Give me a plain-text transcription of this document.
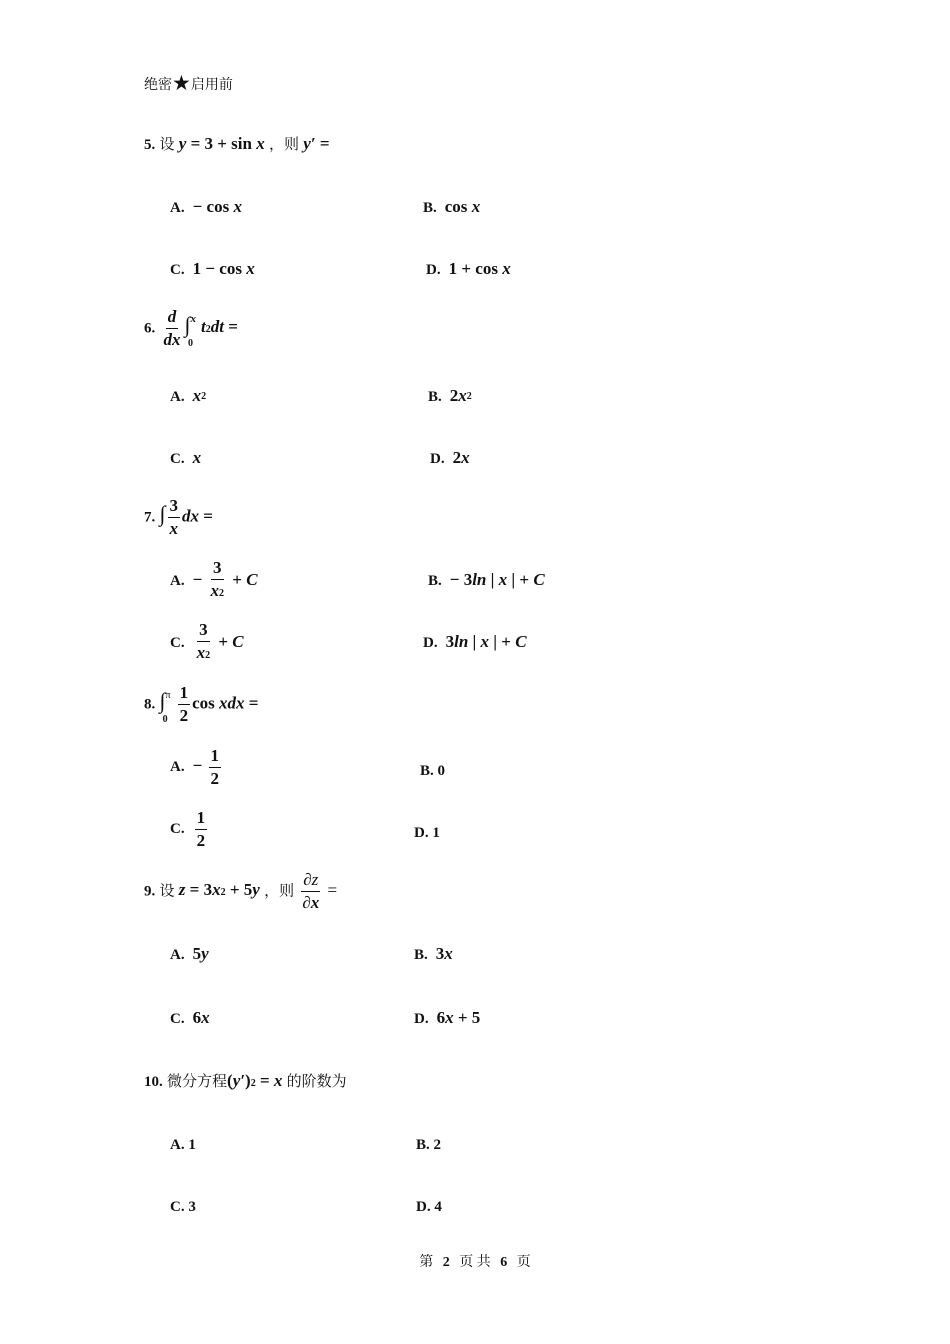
绝密★启用前
5. 设 y = 3 + sin x ，则 y′ =
A. − cos x	B. cos x
C. 1 − cos x	D. 1 + cos x
6. $\frac{d}{dx} \int^x_0t2dt$ =
A. x2	B. 2x2
C. x	D. 2x
7. ∫ $\frac{3}{x}$ dx =
A. − $\frac{3}{x2} + C$	B. − 3ln | x | + C
C. $\frac{3}{x2} + C$	D. 3ln | x | + C
8. $\int^\pi_0 \frac{1}{2}$ cos xdx =
A. − $\frac{1}{2}$	B. 0
C. $\frac{1}{2}$	D. 1
9. 设 z = 3x2 + 5y ，则 $\frac{\partial z}{\partial x}$ =
A. 5y	B. 3x
C. 6x	D. 6x + 5
10. 微分方程(y′)2 = x 的阶数为
A. 1	B. 2
C. 3	D. 4
第 2 页 共 6 页
